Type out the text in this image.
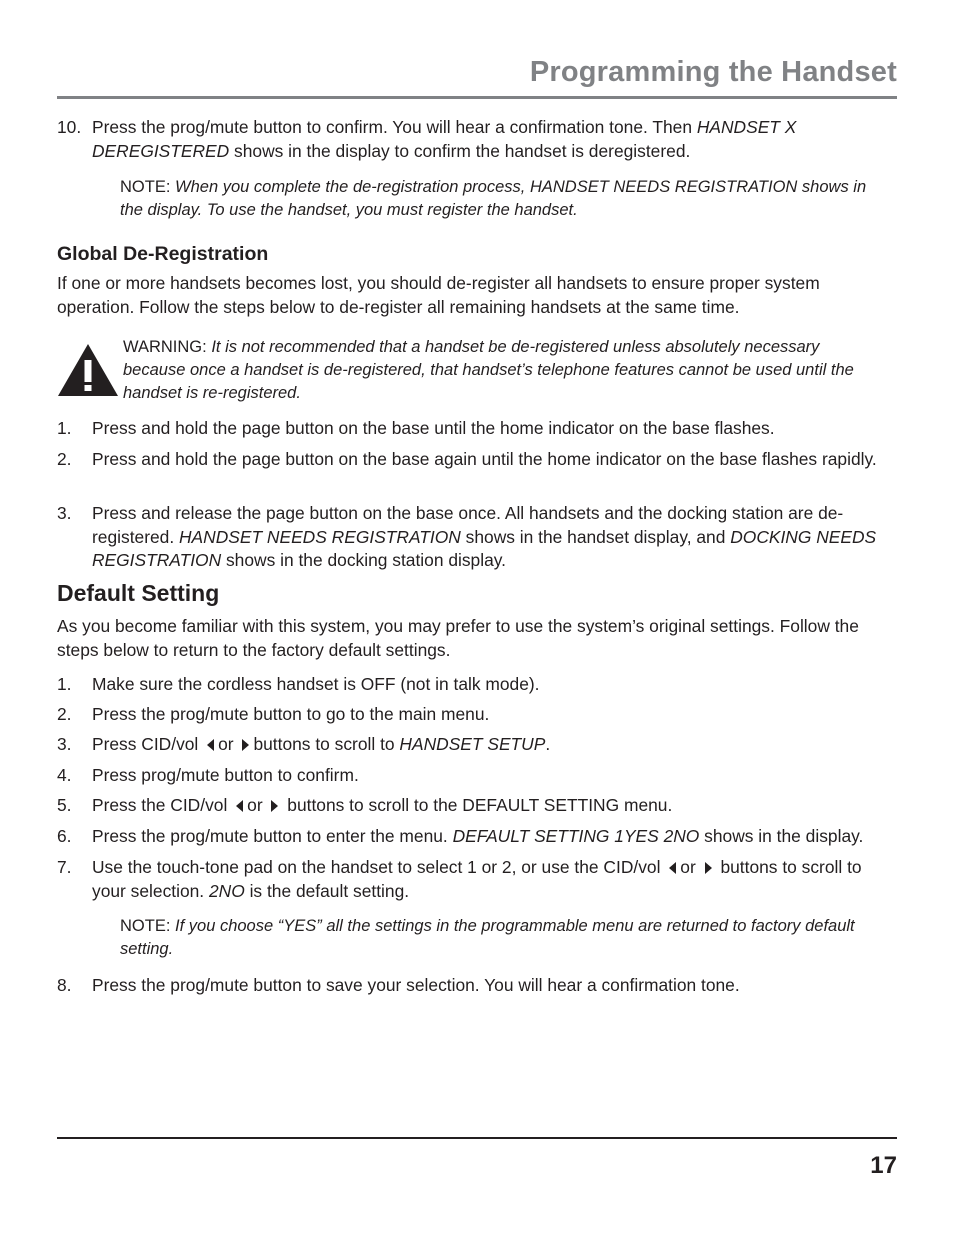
Programming the Handset
10. Press the prog/mute button to confirm. You will hear a confirmation tone. Then HANDSET X DEREGISTERED shows in the display to confirm the handset is deregistered.
NOTE: When you complete the de-registration process, HANDSET NEEDS REGISTRATION shows in the display. To use the handset, you must register the handset.
Global De-Registration
If one or more handsets becomes lost, you should de-register all handsets to ensure proper system operation. Follow the steps below to de-register all remaining handsets at the same time.
WARNING: It is not recommended that a handset be de-registered unless absolutely necessary because once a handset is de-registered, that handset’s telephone features cannot be used until the handset is re-registered.
1. Press and hold the page button on the base until the home indicator on the base flashes.
2. Press and hold the page button on the base again until the home indicator on the base flashes rapidly.
3. Press and release the page button on the base once. All handsets and the docking station are de-registered. HANDSET NEEDS REGISTRATION shows in the handset display, and DOCKING NEEDS REGISTRATION shows in the docking station display.
Default Setting
As you become familiar with this system, you may prefer to use the system’s original settings. Follow the steps below to return to the factory default settings.
1. Make sure the cordless handset is OFF (not in talk mode).
2. Press the prog/mute button to go to the main menu.
3. Press CID/vol or buttons to scroll to HANDSET SETUP.
4. Press prog/mute button to confirm.
5. Press the CID/vol or  buttons to scroll to the DEFAULT SETTING menu.
6. Press the prog/mute button to enter the menu. DEFAULT SETTING 1YES 2NO shows in the display.
7. Use the touch-tone pad on the handset to select 1 or 2, or use the CID/vol or  buttons to scroll to your selection. 2NO is the default setting.
NOTE: If you choose “YES” all the settings in the programmable menu are returned to factory default setting.
8. Press the prog/mute button to save your selection. You will hear a confirmation tone.
17
